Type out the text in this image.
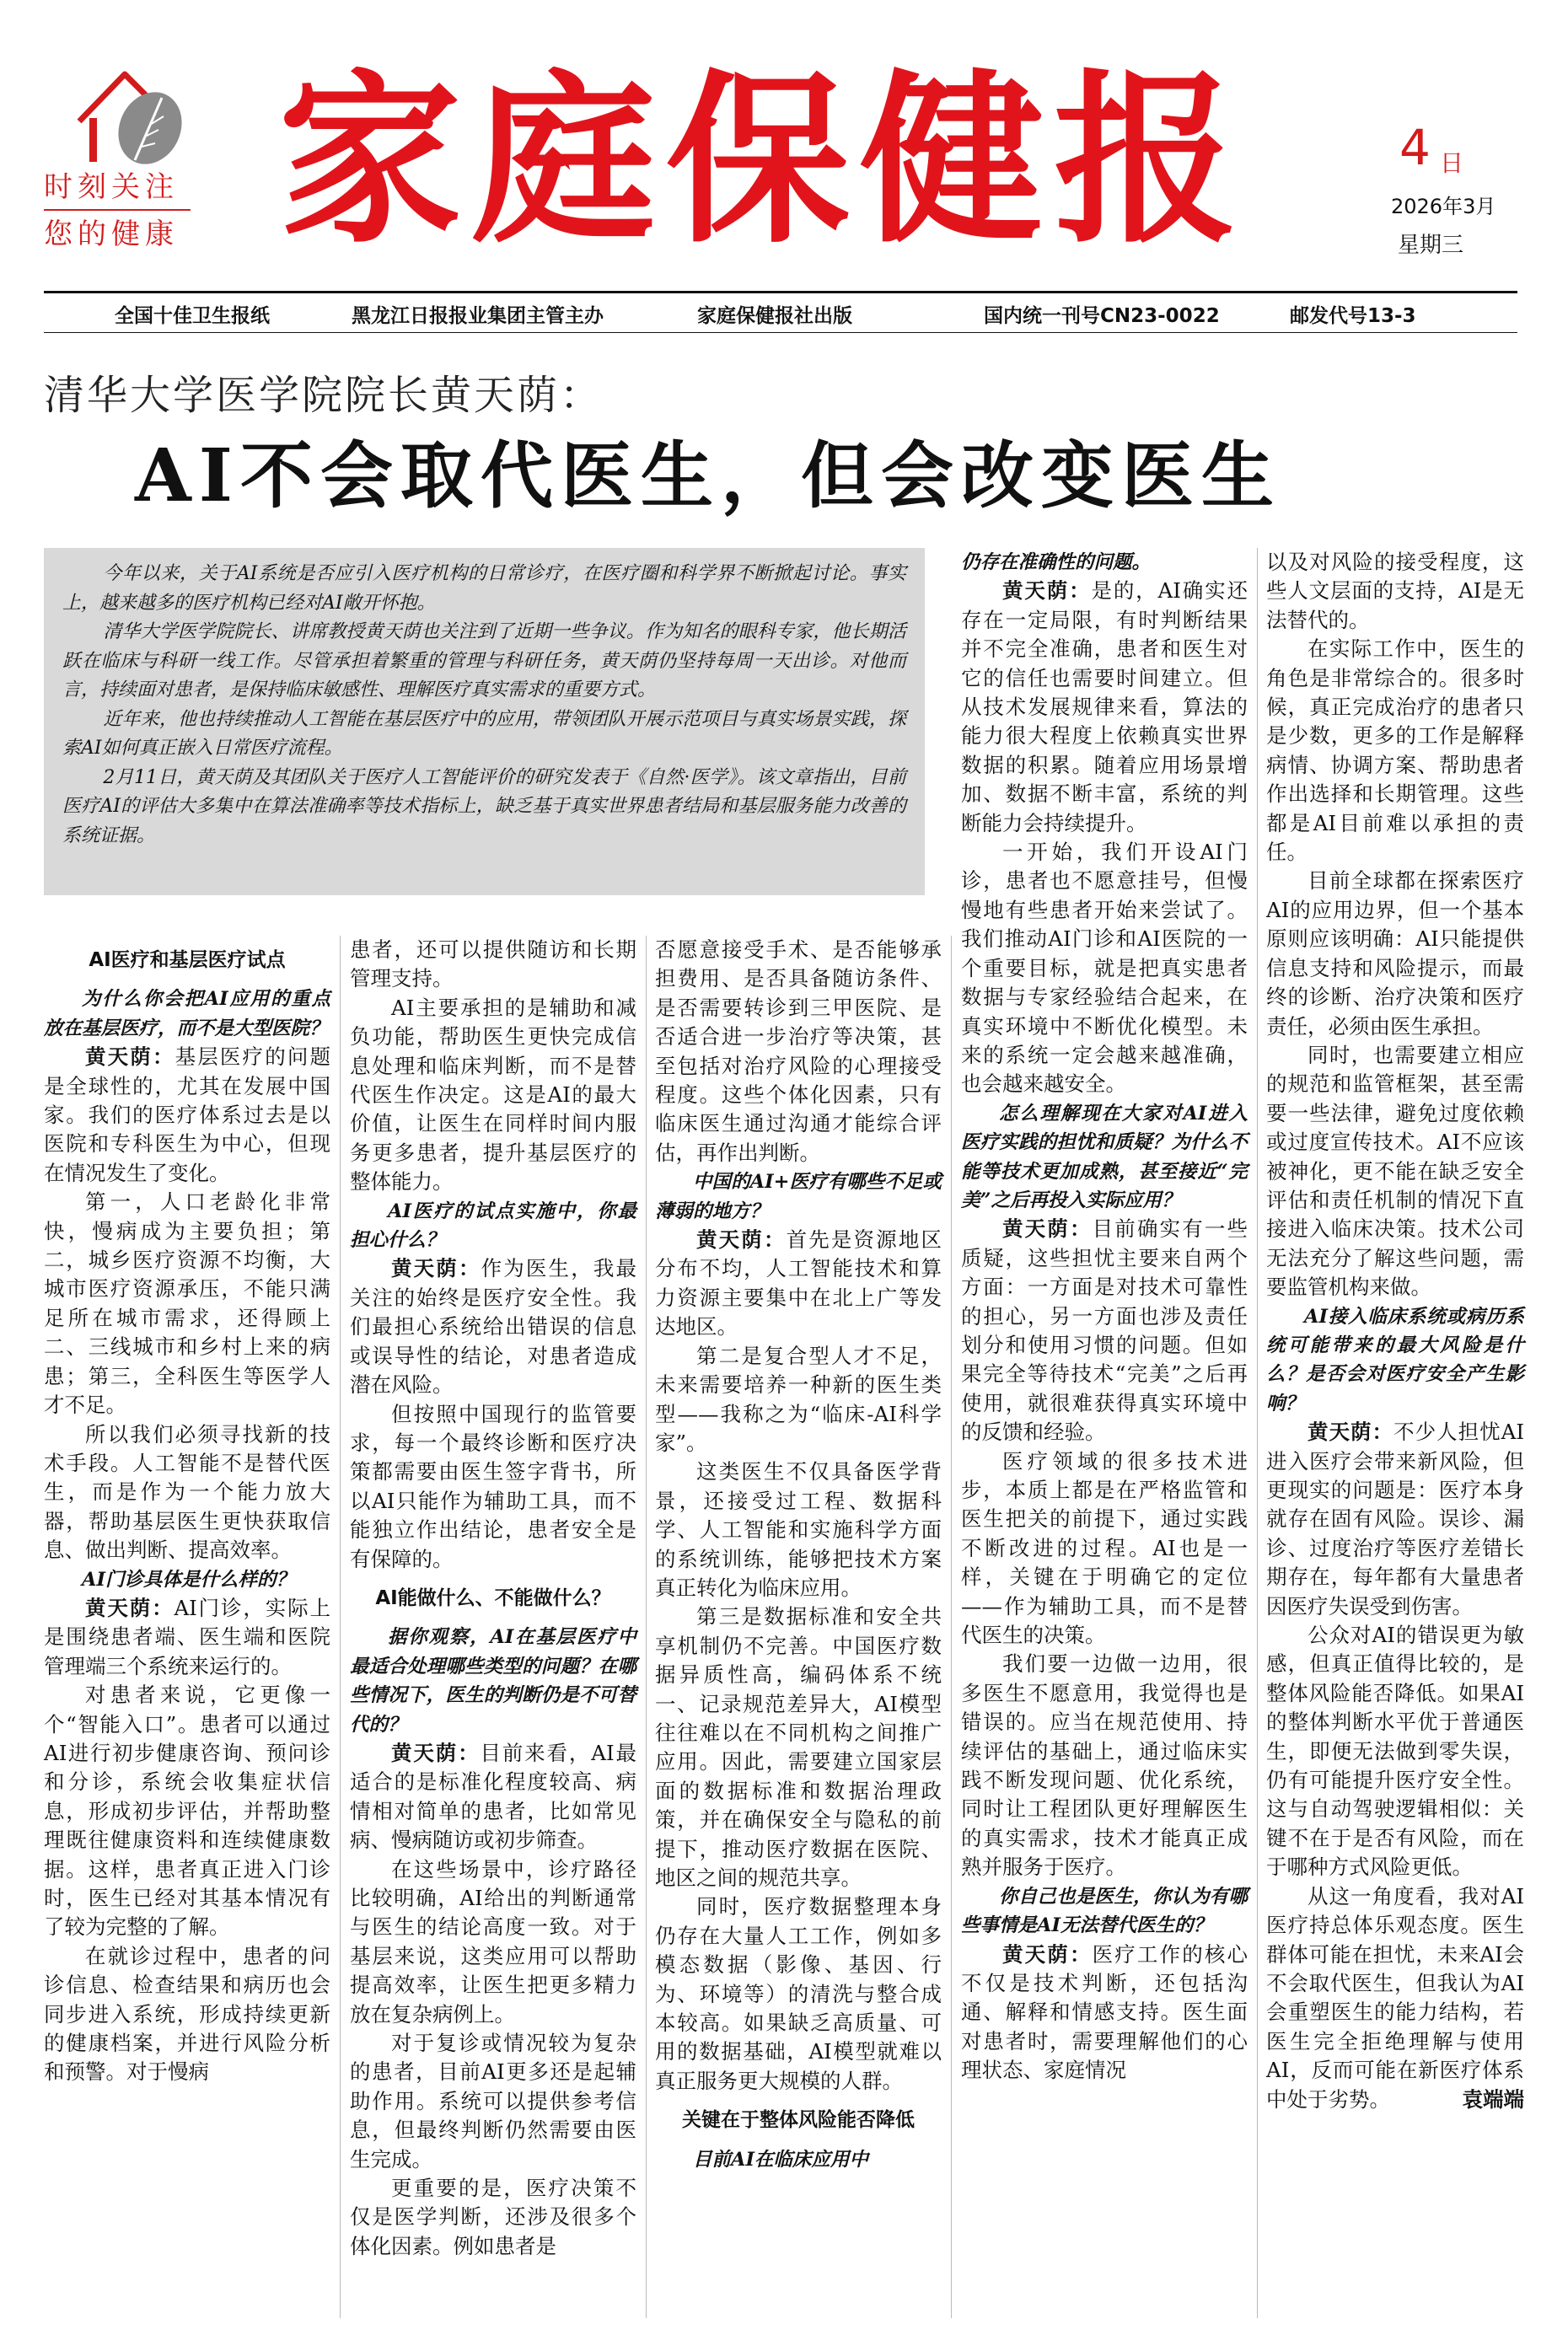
时刻关注
您的健康 家庭保健报	4 日
2026年3月
星期三
全国十佳卫生报纸	黑龙江日报报业集团主管主办	家庭保健报社出版	国内统一刊号CN23-0022	邮发代号13-3
清华大学医学院院长黄天荫：
AI不会取代医生，但会改变医生

今年以来，关于AI系统是否应引入医疗机构的日常诊疗，在医疗圈和科学界不断掀起讨论。事实上，越来越多的医疗机构已经对AI敞开怀抱。

清华大学医学院院长、讲席教授黄天荫也关注到了近期一些争议。作为知名的眼科专家，他长期活跃在临床与科研一线工作。尽管承担着繁重的管理与科研任务，黄天荫仍坚持每周一天出诊。对他而言，持续面对患者，是保持临床敏感性、理解医疗真实需求的重要方式。

近年来，他也持续推动人工智能在基层医疗中的应用，带领团队开展示范项目与真实场景实践，探索AI如何真正嵌入日常医疗流程。

2月11日，黄天荫及其团队关于医疗人工智能评价的研究发表于《自然·医学》。该文章指出，目前医疗AI的评估大多集中在算法准确率等技术指标上，缺乏基于真实世界患者结局和基层服务能力改善的系统证据。

AI医疗和基层医疗试点

为什么你会把AI应用的重点放在基层医疗，而不是大型医院？

黄天荫：基层医疗的问题是全球性的，尤其在发展中国家。我们的医疗体系过去是以医院和专科医生为中心，但现在情况发生了变化。

第一，人口老龄化非常快，慢病成为主要负担；第二，城乡医疗资源不均衡，大城市医疗资源承压，不能只满足所在城市需求，还得顾上二、三线城市和乡村上来的病患；第三，全科医生等医学人才不足。

所以我们必须寻找新的技术手段。人工智能不是替代医生，而是作为一个能力放大器，帮助基层医生更快获取信息、做出判断、提高效率。

AI门诊具体是什么样的？

黄天荫：AI门诊，实际上是围绕患者端、医生端和医院管理端三个系统来运行的。

对患者来说，它更像一个“智能入口”。患者可以通过AI进行初步健康咨询、预问诊和分诊，系统会收集症状信息，形成初步评估，并帮助整理既往健康资料和连续健康数据。这样，患者真正进入门诊时，医生已经对其基本情况有了较为完整的了解。

在就诊过程中，患者的问诊信息、检查结果和病历也会同步进入系统，形成持续更新的健康档案，并进行风险分析和预警。对于慢病

患者，还可以提供随访和长期管理支持。

AI主要承担的是辅助和减负功能，帮助医生更快完成信息处理和临床判断，而不是替代医生作决定。这是AI的最大价值，让医生在同样时间内服务更多患者，提升基层医疗的整体能力。

AI医疗的试点实施中，你最担心什么？

黄天荫：作为医生，我最关注的始终是医疗安全性。我们最担心系统给出错误的信息或误导性的结论，对患者造成潜在风险。

但按照中国现行的监管要求，每一个最终诊断和医疗决策都需要由医生签字背书，所以AI只能作为辅助工具，而不能独立作出结论，患者安全是有保障的。

AI能做什么、不能做什么？

据你观察，AI在基层医疗中最适合处理哪些类型的问题？在哪些情况下，医生的判断仍是不可替代的？

黄天荫：目前来看，AI最适合的是标准化程度较高、病情相对简单的患者，比如常见病、慢病随访或初步筛查。

在这些场景中，诊疗路径比较明确，AI给出的判断通常与医生的结论高度一致。对于基层来说，这类应用可以帮助提高效率，让医生把更多精力放在复杂病例上。

对于复诊或情况较为复杂的患者，目前AI更多还是起辅助作用。系统可以提供参考信息，但最终判断仍然需要由医生完成。

更重要的是，医疗决策不仅是医学判断，还涉及很多个体化因素。例如患者是

否愿意接受手术、是否能够承担费用、是否具备随访条件、是否需要转诊到三甲医院、是否适合进一步治疗等决策，甚至包括对治疗风险的心理接受程度。这些个体化因素，只有临床医生通过沟通才能综合评估，再作出判断。

中国的AI+医疗有哪些不足或薄弱的地方？

黄天荫：首先是资源地区分布不均，人工智能技术和算力资源主要集中在北上广等发达地区。

第二是复合型人才不足，未来需要培养一种新的医生类型——我称之为“临床-AI科学家”。

这类医生不仅具备医学背景，还接受过工程、数据科学、人工智能和实施科学方面的系统训练，能够把技术方案真正转化为临床应用。

第三是数据标准和安全共享机制仍不完善。中国医疗数据异质性高，编码体系不统一、记录规范差异大，AI模型往往难以在不同机构之间推广应用。因此，需要建立国家层面的数据标准和数据治理政策，并在确保安全与隐私的前提下，推动医疗数据在医院、地区之间的规范共享。

同时，医疗数据整理本身仍存在大量人工工作，例如多模态数据（影像、基因、行为、环境等）的清洗与整合成本较高。如果缺乏高质量、可用的数据基础，AI模型就难以真正服务更大规模的人群。

关键在于整体风险能否降低

目前AI在临床应用中

仍存在准确性的问题。

黄天荫：是的，AI确实还存在一定局限，有时判断结果并不完全准确，患者和医生对它的信任也需要时间建立。但从技术发展规律来看，算法的能力很大程度上依赖真实世界数据的积累。随着应用场景增加、数据不断丰富，系统的判断能力会持续提升。

一开始，我们开设AI门诊，患者也不愿意挂号，但慢慢地有些患者开始来尝试了。我们推动AI门诊和AI医院的一个重要目标，就是把真实患者数据与专家经验结合起来，在真实环境中不断优化模型。未来的系统一定会越来越准确，也会越来越安全。

怎么理解现在大家对AI进入医疗实践的担忧和质疑？为什么不能等技术更加成熟，甚至接近“完美”之后再投入实际应用？

黄天荫：目前确实有一些质疑，这些担忧主要来自两个方面：一方面是对技术可靠性的担心，另一方面也涉及责任划分和使用习惯的问题。但如果完全等待技术“完美”之后再使用，就很难获得真实环境中的反馈和经验。

医疗领域的很多技术进步，本质上都是在严格监管和医生把关的前提下，通过实践不断改进的过程。AI也是一样，关键在于明确它的定位——作为辅助工具，而不是替代医生的决策。

我们要一边做一边用，很多医生不愿意用，我觉得也是错误的。应当在规范使用、持续评估的基础上，通过临床实践不断发现问题、优化系统，同时让工程团队更好理解医生的真实需求，技术才能真正成熟并服务于医疗。

你自己也是医生，你认为有哪些事情是AI无法替代医生的？

黄天荫：医疗工作的核心不仅是技术判断，还包括沟通、解释和情感支持。医生面对患者时，需要理解他们的心理状态、家庭情况

以及对风险的接受程度，这些人文层面的支持，AI是无法替代的。

在实际工作中，医生的角色是非常综合的。很多时候，真正完成治疗的患者只是少数，更多的工作是解释病情、协调方案、帮助患者作出选择和长期管理。这些都是AI目前难以承担的责任。

目前全球都在探索医疗AI的应用边界，但一个基本原则应该明确：AI只能提供信息支持和风险提示，而最终的诊断、治疗决策和医疗责任，必须由医生承担。

同时，也需要建立相应的规范和监管框架，甚至需要一些法律，避免过度依赖或过度宣传技术。AI不应该被神化，更不能在缺乏安全评估和责任机制的情况下直接进入临床决策。技术公司无法充分了解这些问题，需要监管机构来做。

AI接入临床系统或病历系统可能带来的最大风险是什么？是否会对医疗安全产生影响？

黄天荫：不少人担忧AI进入医疗会带来新风险，但更现实的问题是：医疗本身就存在固有风险。误诊、漏诊、过度治疗等医疗差错长期存在，每年都有大量患者因医疗失误受到伤害。

公众对AI的错误更为敏感，但真正值得比较的，是整体风险能否降低。如果AI的整体判断水平优于普通医生，即便无法做到零失误，仍有可能提升医疗安全性。这与自动驾驶逻辑相似：关键不在于是否有风险，而在于哪种方式风险更低。

从这一角度看，我对AI医疗持总体乐观态度。医生群体可能在担忧，未来AI会不会取代医生，但我认为AI会重塑医生的能力结构，若医生完全拒绝理解与使用AI，反而可能在新医疗体系中处于劣势。	袁端端
